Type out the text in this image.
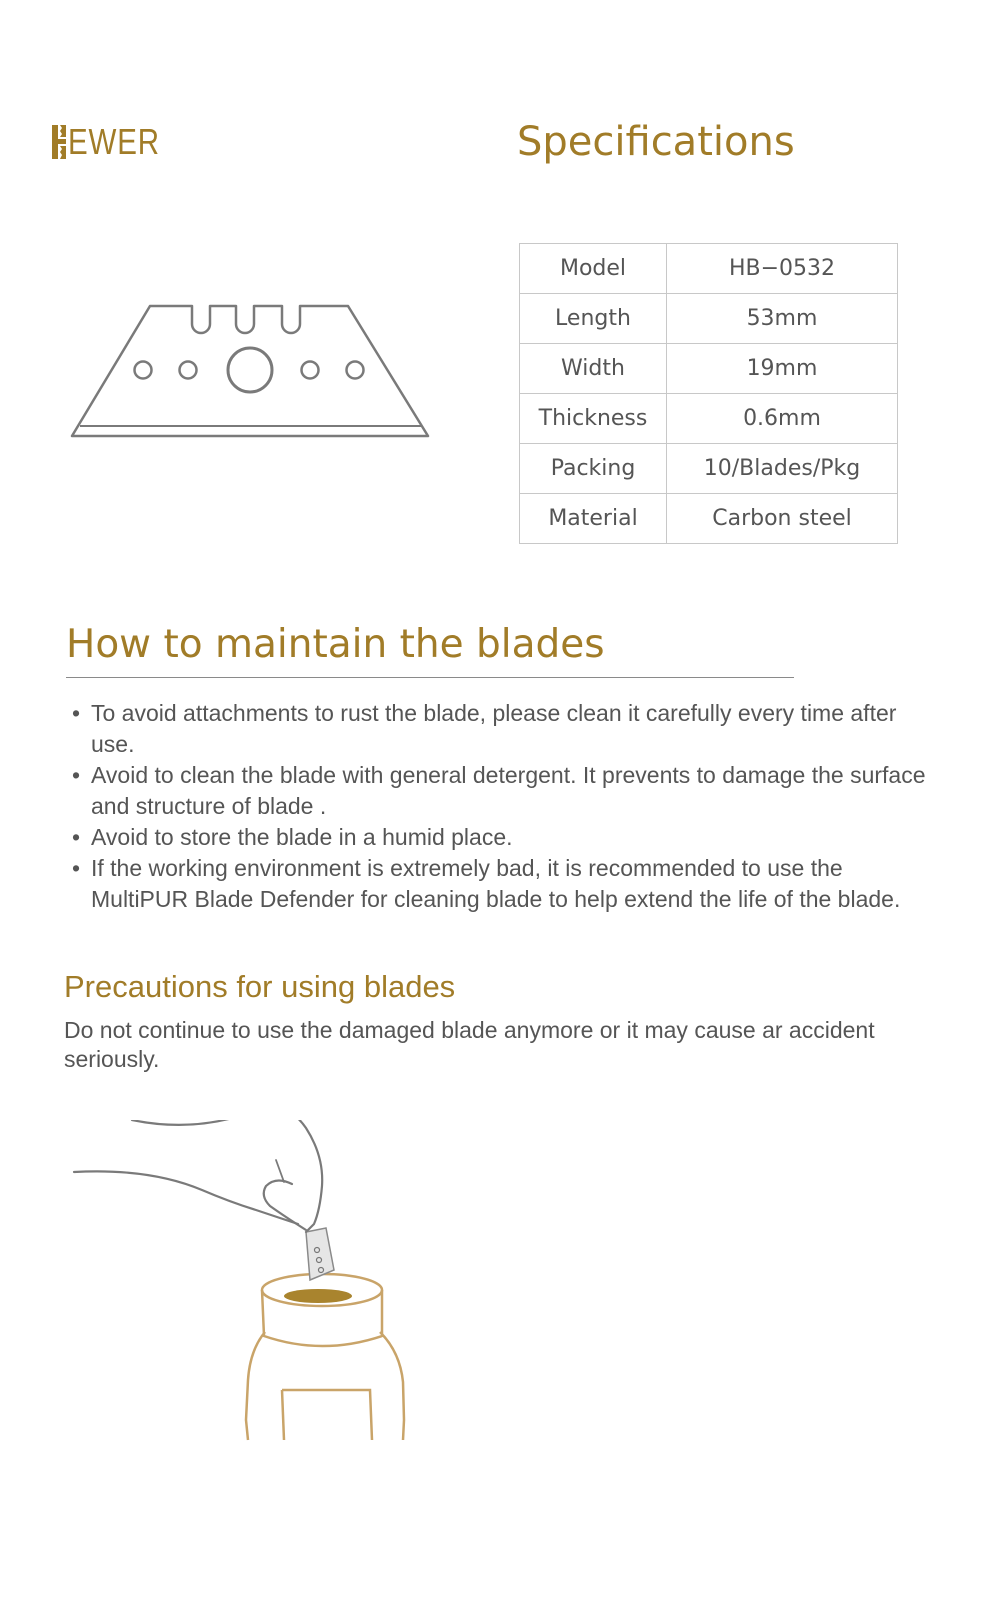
EWER	Specifications
Model	HB−0532
Length	53mm
Width	19mm
Thickness	0.6mm
Packing	10/Blades/Pkg
Material	Carbon steel
How to maintain the blades
• To avoid attachments to rust the blade, please clean it carefully every time after use.
• Avoid to clean the blade with general detergent. It prevents to damage the surface and structure of blade .
• Avoid to store the blade in a humid place.
• If the working environment is extremely bad, it is recommended to use the MultiPUR Blade Defender for cleaning blade to help extend the life of the blade.
Precautions for using blades
Do not continue to use the damaged blade anymore or it may cause ar accident seriously.
